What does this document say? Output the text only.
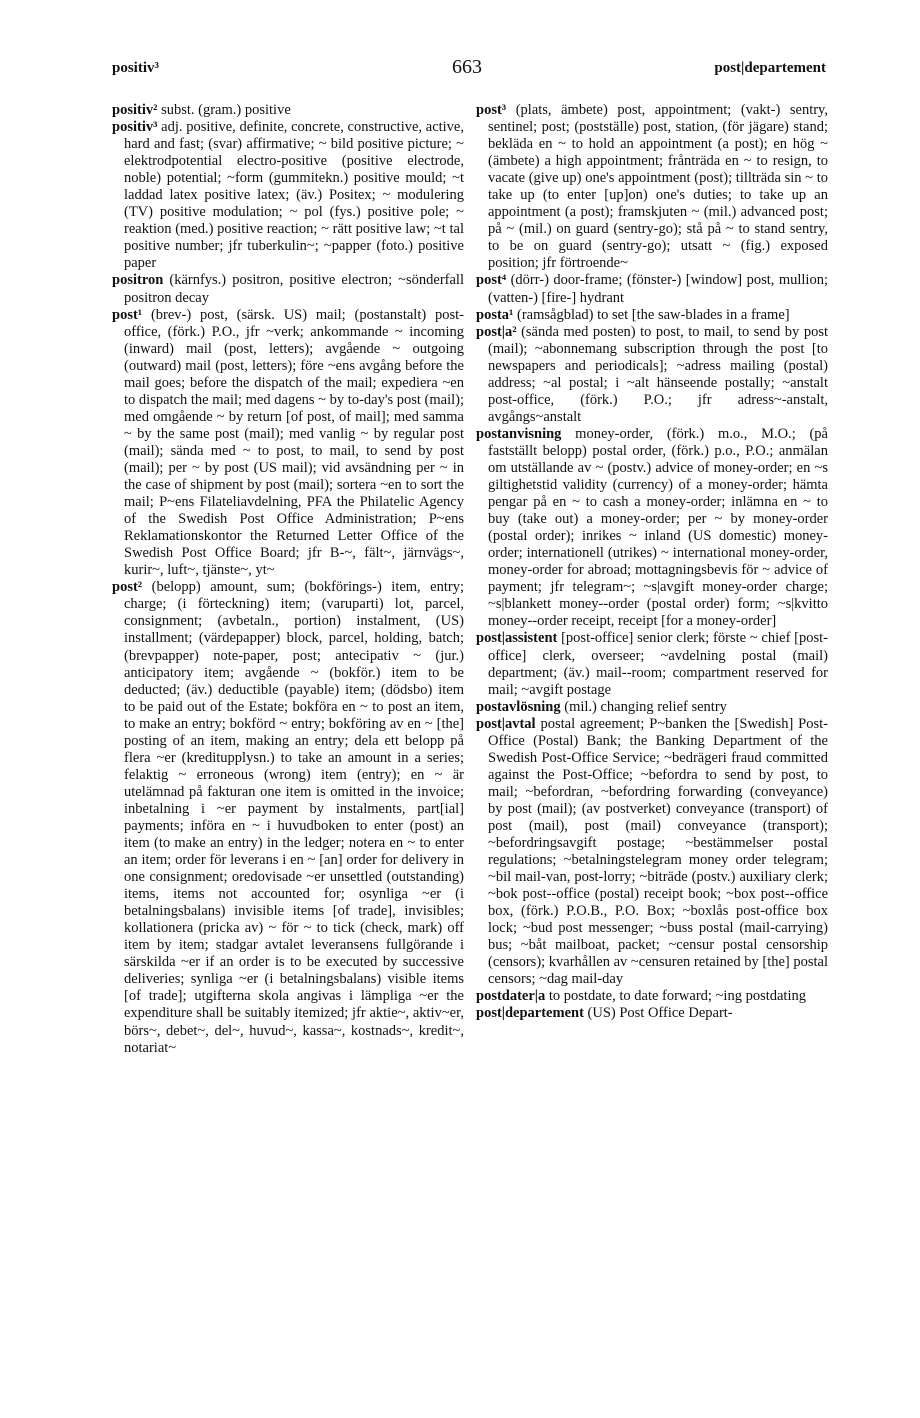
positiv³	663	post|departement

positiv² subst. (gram.) positive

positiv³ adj. positive, definite, concrete, constructive, active, hard and fast; (svar) affirmative; ~ bild positive picture; ~ elektrodpotential electro-positive (positive electrode, noble) potential; ~form (gummitekn.) positive mould; ~t laddad latex positive latex; (äv.) Positex; ~ modulering (TV) positive modulation; ~ pol (fys.) positive pole; ~ reaktion (med.) positive reaction; ~ rätt positive law; ~t tal positive number; jfr tuberkulin~; ~papper (foto.) positive paper

positron (kärnfys.) positron, positive electron; ~sönderfall positron decay

post¹ (brev-) post, (särsk. US) mail; (postanstalt) post-office, (förk.) P.O., jfr ~verk; ankommande ~ incoming (inward) mail (post, letters); avgående ~ outgoing (outward) mail (post, letters); före ~ens avgång before the mail goes; before the dispatch of the mail; expediera ~en to dispatch the mail; med dagens ~ by to-day's post (mail); med omgående ~ by return [of post, of mail]; med samma ~ by the same post (mail); med vanlig ~ by regular post (mail); sända med ~ to post, to mail, to send by post (mail); per ~ by post (US mail); vid avsändning per ~ in the case of shipment by post (mail); sortera ~en to sort the mail; P~ens Filateliavdelning, PFA the Philatelic Agency of the Swedish Post Office Administration; P~ens Reklamationskontor the Returned Letter Office of the Swedish Post Office Board; jfr B-~, fält~, järnvägs~, kurir~, luft~, tjänste~, yt~

post² (belopp) amount, sum; (bokförings-) item, entry; charge; (i förteckning) item; (varuparti) lot, parcel, consignment; (avbetaln., portion) instalment, (US) installment; (värdepapper) block, parcel, holding, batch; (brevpapper) note-paper, post; antecipativ ~ (jur.) anticipatory item; avgående ~ (bokför.) item to be deducted; (äv.) deductible (payable) item; (dödsbo) item to be paid out of the Estate; bokföra en ~ to post an item, to make an entry; bokförd ~ entry; bokföring av en ~ [the] posting of an item, making an entry; dela ett belopp på flera ~er (kreditupplysn.) to take an amount in a series; felaktig ~ erroneous (wrong) item (entry); en ~ är utelämnad på fakturan one item is omitted in the invoice; inbetalning i ~er payment by instalments, part[ial] payments; införa en ~ i huvudboken to enter (post) an item (to make an entry) in the ledger; notera en ~ to enter an item; order för leverans i en ~ [an] order for delivery in one consignment; oredovisade ~er unsettled (outstanding) items, items not accounted for; osynliga ~er (i betalningsbalans) invisible items [of trade], invisibles; kollationera (pricka av) ~ för ~ to tick (check, mark) off item by item; stadgar avtalet leveransens fullgörande i särskilda ~er if an order is to be executed by successive deliveries; synliga ~er (i betalningsbalans) visible items [of trade]; utgifterna skola angivas i lämpliga ~er the expenditure shall be suitably itemized; jfr aktie~, aktiv~er, börs~, debet~, del~, huvud~, kassa~, kostnads~, kredit~, notariat~

post³ (plats, ämbete) post, appointment; (vakt-) sentry, sentinel; post; (postställe) post, station, (för jägare) stand; bekläda en ~ to hold an appointment (a post); en hög ~ (ämbete) a high appointment; frånträda en ~ to resign, to vacate (give up) one's appointment (post); tillträda sin ~ to take up (to enter [up]on) one's duties; to take up an appointment (a post); framskjuten ~ (mil.) advanced post; på ~ (mil.) on guard (sentry-go); stå på ~ to stand sentry, to be on guard (sentry-go); utsatt ~ (fig.) exposed position; jfr förtroende~

post⁴ (dörr-) door-frame; (fönster-) [window] post, mullion; (vatten-) [fire-] hydrant

posta¹ (ramsågblad) to set [the saw-blades in a frame]

post|a² (sända med posten) to post, to mail, to send by post (mail); ~abonnemang subscription through the post [to newspapers and periodicals]; ~adress mailing (postal) address; ~al postal; i ~alt hänseende postally; ~anstalt post-office, (förk.) P.O.; jfr adress~-anstalt, avgångs~anstalt

postanvisning money-order, (förk.) m.o., M.O.; (på fastställt belopp) postal order, (förk.) p.o., P.O.; anmälan om utställande av ~ (postv.) advice of money-order; en ~s giltighetstid validity (currency) of a money-order; hämta pengar på en ~ to cash a money-order; inlämna en ~ to buy (take out) a money-order; per ~ by money-order (postal order); inrikes ~ inland (US domestic) money-order; internationell (utrikes) ~ international money-order, money-order for abroad; mottagningsbevis för ~ advice of payment; jfr telegram~; ~s|avgift money-order charge; ~s|blankett money--order (postal order) form; ~s|kvitto money--order receipt, receipt [for a money-order]

post|assistent [post-office] senior clerk; förste ~ chief [post-office] clerk, overseer; ~avdelning postal (mail) department; (äv.) mail--room; compartment reserved for mail; ~avgift postage

postavlösning (mil.) changing relief sentry

post|avtal postal agreement; P~banken the [Swedish] Post-Office (Postal) Bank; the Banking Department of the Swedish Post-Office Service; ~bedrägeri fraud committed against the Post-Office; ~befordra to send by post, to mail; ~befordran, ~befordring forwarding (conveyance) by post (mail); (av postverket) conveyance (transport) of post (mail), post (mail) conveyance (transport); ~befordringsavgift postage; ~bestämmelser postal regulations; ~betalningstelegram money order telegram; ~bil mail-van, post-lorry; ~biträde (postv.) auxiliary clerk; ~bok post--office (postal) receipt book; ~box post--office box, (förk.) P.O.B., P.O. Box; ~boxlås post-office box lock; ~bud post messenger; ~buss postal (mail-carrying) bus; ~båt mailboat, packet; ~censur postal censorship (censors); kvarhållen av ~censuren retained by [the] postal censors; ~dag mail-day

postdater|a to postdate, to date forward; ~ing postdating

post|departement (US) Post Office Depart-
